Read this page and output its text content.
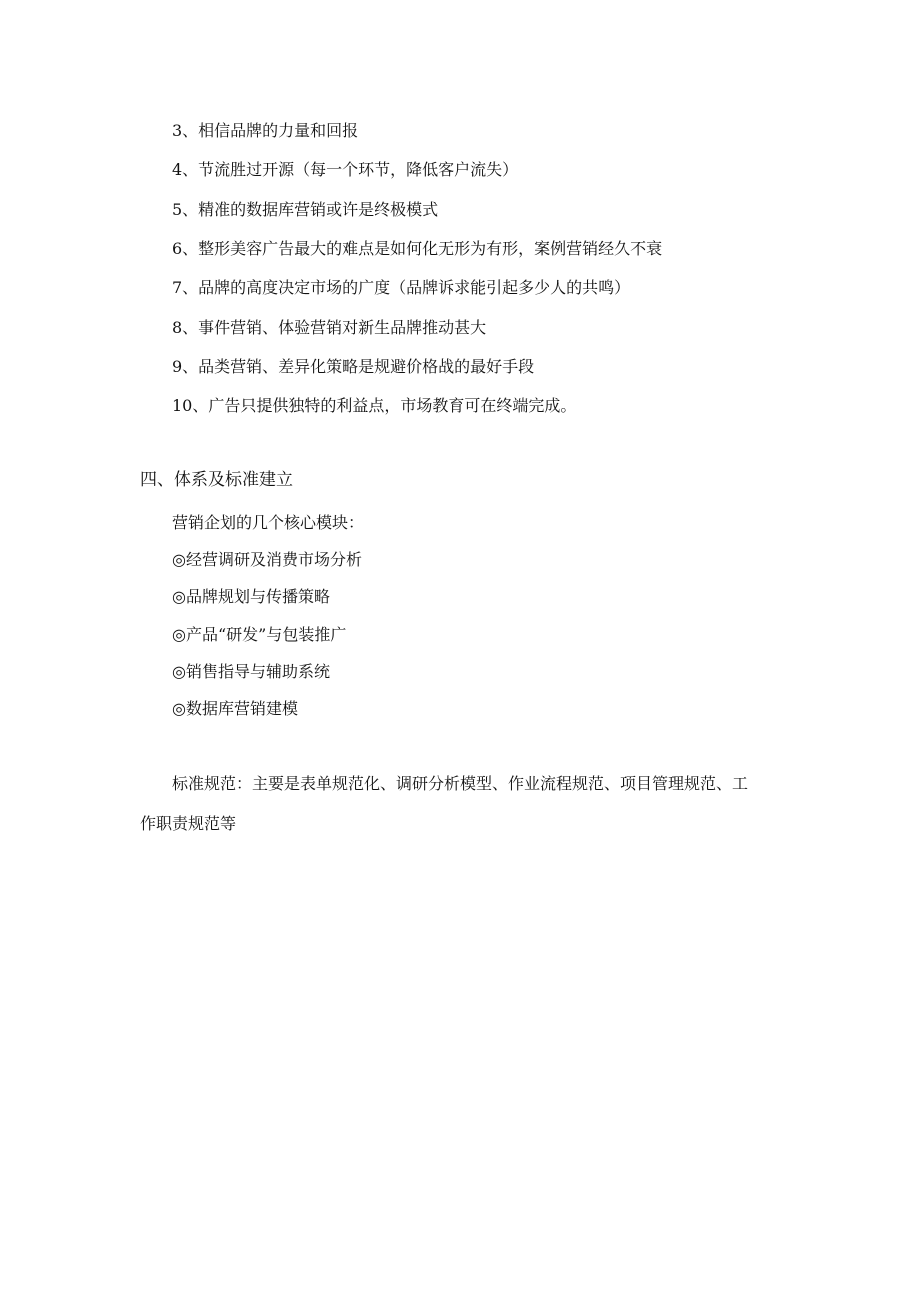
3、相信品牌的力量和回报
4、节流胜过开源（每一个环节，降低客户流失）
5、精准的数据库营销或许是终极模式
6、整形美容广告最大的难点是如何化无形为有形，案例营销经久不衰
7、品牌的高度决定市场的广度（品牌诉求能引起多少人的共鸣）
8、事件营销、体验营销对新生品牌推动甚大
9、品类营销、差异化策略是规避价格战的最好手段
10、广告只提供独特的利益点，市场教育可在终端完成。
四、体系及标准建立
营销企划的几个核心模块：
◎经营调研及消费市场分析
◎品牌规划与传播策略
◎产品“研发”与包装推广
◎销售指导与辅助系统
◎数据库营销建模
标准规范：主要是表单规范化、调研分析模型、作业流程规范、项目管理规范、工作职责规范等
